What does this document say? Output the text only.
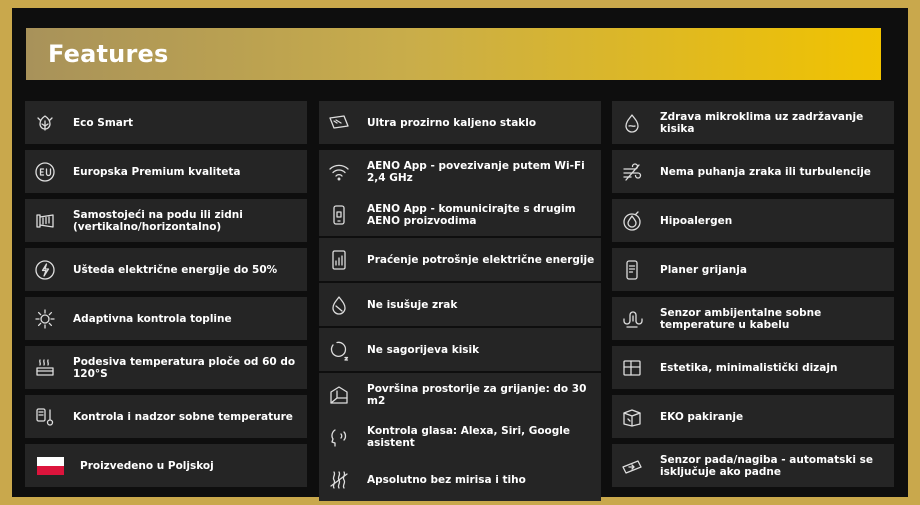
Features
Eco Smart
Europska Premium kvaliteta
Samostojeći na podu ili zidni (vertikalno/horizontalno)
Ušteda električne energije do 50%
Adaptivna kontrola topline
Podesiva temperatura ploče od 60 do 120°S
Kontrola i nadzor sobne temperature
Proizvedeno u Poljskoj
Ultra prozirno kaljeno staklo
AENO App - povezivanje putem Wi-Fi 2,4 GHz
AENO App - komunicirajte s drugim AENO proizvodima
Praćenje potrošnje električne energije
Ne isušuje zrak
Ne sagorijeva kisik
Površina prostorije za grijanje: do 30 m2
Kontrola glasa: Alexa, Siri, Google asistent
Apsolutno bez mirisa i tiho
Zdrava mikroklima uz zadržavanje kisika
Nema puhanja zraka ili turbulencije
Hipoalergen
Planer grijanja
Senzor ambijentalne sobne temperature u kabelu
Estetika, minimalistički dizajn
EKO pakiranje
Senzor pada/nagiba - automatski se isključuje ako padne
